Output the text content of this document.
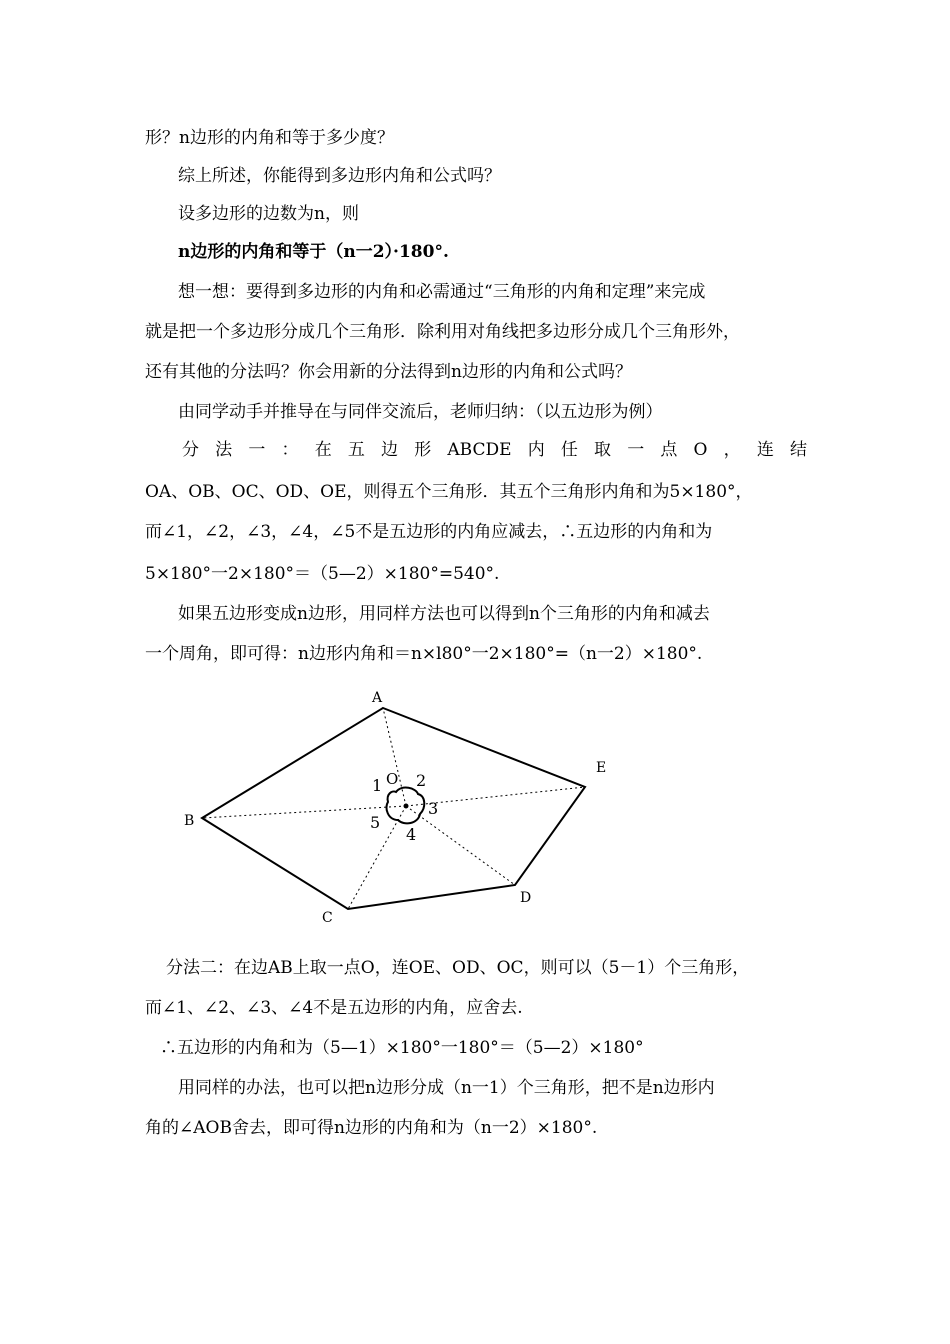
形？n边形的内角和等于多少度？
综上所述，你能得到多边形内角和公式吗？
设多边形的边数为n，则
n边形的内角和等于（n一2）·180°.
想一想：要得到多边形的内角和必需通过“三角形的内角和定理”来完成
就是把一个多边形分成几个三角形．除利用对角线把多边形分成几个三角形外，
还有其他的分法吗？你会用新的分法得到n边形的内角和公式吗？
由同学动手并推导在与同伴交流后，老师归纳：（以五边形为例）
分 法 一 ： 在 五 边 形 ABCDE 内 任 取 一 点 O ， 连 结
OA、OB、OC、OD、OE，则得五个三角形．其五个三角形内角和为5×180°，
而∠1，∠2，∠3，∠4，∠5不是五边形的内角应减去，∴五边形的内角和为
5×180°一2×180°＝（5—2）×180°=540°.
如果五边形变成n边形，用同样方法也可以得到n个三角形的内角和减去
一个周角，即可得：n边形内角和＝n×l80°一2×180°=（n一2）×180°.
A
B
C
D
E
O
1 2
3
4
5
分法二：在边AB上取一点O，连OE、OD、OC，则可以（5－1）个三角形，
而∠1、∠2、∠3、∠4不是五边形的内角，应舍去.
∴五边形的内角和为（5—1）×180°一180°＝（5—2）×180°
用同样的办法，也可以把n边形分成（n一1）个三角形，把不是n边形内
角的∠AOB舍去，即可得n边形的内角和为（n一2）×180°.
